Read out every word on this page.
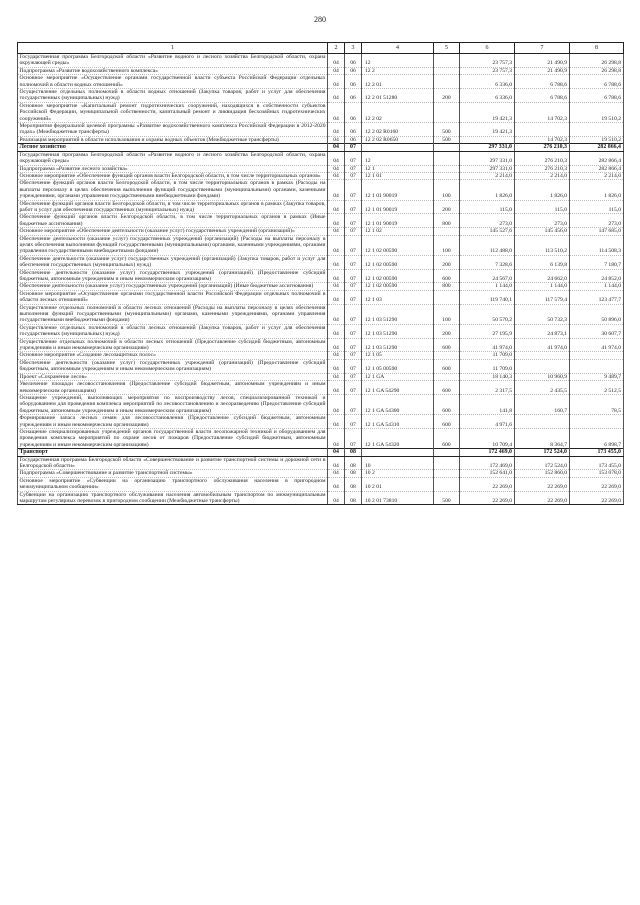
280
1	2	3	4	5	6	7	8
Государственная программа Белгородской области «Развитие водного и лесного хозяйства Белгородской области, охрана окружающей среды»	04	06	12		23 757,3	21 490,9	26 298,8
Подпрограмма «Развитие водохозяйственного комплекса»	04	06	12 2		23 757,3	21 490,9	26 298,8
Основное мероприятие «Осуществление органами государственной власти субъекта Российской Федерации отдельных полномочий в области водных отношений»	04	06	12 2 01		6 336,0	6 788,6	6 788,6
Осуществление отдельных полномочий в области водных отношений (Закупка товаров, работ и услуг для обеспечения государственных (муниципальных) нужд)	04	06	12 2 01 51280	200	6 336,0	6 788,6	6 788,6
Основное мероприятие «Капитальный ремонт гидротехнических сооружений, находящихся в собственности субъектов Российской Федерации, муниципальной собственности, капитальный ремонт и ликвидация бесхозяйных гидротехнических сооружений»	04	06	12 2 02		19 421,3	14 702,3	19 510,2
Мероприятия федеральной целевой программы «Развитие водохозяйственного комплекса Российской Федерации в 2012-2020 годах» (Межбюджетные трансферты)	04	06	12 2 02 R0160	500	19 421,3		
Реализация мероприятий в области использования и охраны водных объектов (Межбюджетные трансферты)	04	06	12 2 02 R0650	500		14 702,3	19 510,2
Лесное хозяйство	04	07			297 331,0	276 210,3	282 866,4
Государственная программа Белгородской области «Развитие водного и лесного хозяйства Белгородской области, охрана окружающей среды»	04	07	12		297 331,0	276 210,3	282 866,4
Подпрограмма «Развитие лесного хозяйства»	04	07	12 1		297 331,0	276 210,3	282 866,4
Основное мероприятие «Обеспечение функций органов власти Белгородской области, в том числе территориальных органов»	04	07	12 1 01		2 214,0	2 214,0	2 214,0
Обеспечение функций органов власти Белгородской области, в том числе территориальных органов в рамках (Расходы на выплаты персоналу в целях обеспечения выполнения функций государственными (муниципальными) органами, казенными учреждениями, органами управления государственными внебюджетными фондами)	04	07	12 1 01 90019	100	1 826,0	1 826,0	1 826,0
Обеспечение функций органов власти Белгородской области, в том числе территориальных органов в рамках (Закупка товаров, работ и услуг для обеспечения государственных (муниципальных) нужд)	04	07	12 1 01 90019	200	115,0	115,0	115,0
Обеспечение функций органов власти Белгородской области, в том числе территориальных органов в рамках (Иные бюджетные ассигнования)	04	07	12 1 01 90019	800	273,0	273,0	273,0
Основное мероприятие «Обеспечение деятельности (оказание услуг) государственных учреждений (организаций)»	04	07	12 1 02		145 527,6	145 456,0	147 685,0
Обеспечение деятельности (оказание услуг) государственных учреждений (организаций) (Расходы на выплаты персоналу в целях обеспечения выполнения функций государственными (муниципальными) органами, казенными учреждениями, органами управления государственными внебюджетными фондами)	04	07	12 1 02 00590	100	112 488,0	113 510,2	114 508,3
Обеспечение деятельности (оказание услуг) государственных учреждений (организаций) (Закупка товаров, работ и услуг для обеспечения государственных (муниципальных) нужд)	04	07	12 1 02 00590	200	7 328,6	6 139,8	7 180,7
Обеспечение деятельности (оказание услуг) государственных учреждений (организаций) (Предоставление субсидий бюджетным, автономным учреждениям и иным некоммерческим организациям)	04	07	12 1 02 00590	600	24 567,0	24 662,0	24 852,0
Обеспечение деятельности (оказание услуг) государственных учреждений (организаций) (Иные бюджетные ассигнования)	04	07	12 1 02 00590	800	1 144,0	1 144,0	1 144,0
Основное мероприятие «Осуществление органами государственной власти Российской Федерации отдельных полномочий в области лесных отношений»	04	07	12 1 03		119 740,1	117 579,4	123 477,7
Осуществление отдельных полномочий в области лесных отношений (Расходы на выплаты персоналу в целях обеспечения выполнения функций государственными (муниципальными) органами, казенными учреждениями, органами управления государственными внебюджетными фондами)	04	07	12 1 03 51290	100	50 570,2	50 732,3	50 896,0
Осуществление отдельных полномочий в области лесных отношений (Закупка товаров, работ и услуг для обеспечения государственных (муниципальных) нужд)	04	07	12 1 03 51290	200	27 195,9	24 873,1	30 607,7
Осуществление отдельных полномочий в области лесных отношений (Предоставление субсидий бюджетным, автономным учреждениям и иным некоммерческим организациям)	04	07	12 1 03 51290	600	41 974,0	41 974,0	41 974,0
Основное мероприятие «Создание лесозащитных полос»	04	07	12 1 05		11 709,0		
Обеспечение деятельности (оказание услуг) государственных учреждений (организаций) (Предоставление субсидий бюджетным, автономным учреждениям и иным некоммерческим организациям)	04	07	12 1 05 00590	600	11 709,0		
Проект «Сохранение лесов»	04	07	12 1 GA		18 140,3	10 960,9	9 489,7
Увеличение площади лесовосстановления (Предоставление субсидий бюджетным, автономным учреждениям и иным некоммерческим организациям)	04	07	12 1 GA 54290	600	2 317,5	2 435,5	2 512,5
Оснащение учреждений, выполняющих мероприятия по воспроизводству лесов, специализированной техникой и оборудованием для проведения комплекса мероприятий по лесовосстановлению и лесоразведению (Предоставление субсидий бюджетным, автономным учреждениям и иным некоммерческим организациям)	04	07	12 1 GA 54300	600	141,8	160,7	78,5
Формирование запаса лесных семян для лесовосстановления (Предоставление субсидий бюджетным, автономным учреждениям и иным некоммерческим организациям)	04	07	12 1 GA 54310	600	4 971,6		
Оснащение специализированных учреждений органов государственной власти лесопожарной техникой и оборудованием для проведения комплекса мероприятий по охране лесов от пожаров (Предоставление субсидий бюджетным, автономным учреждениям и иным некоммерческим организациям)	04	07	12 1 GA 54320	600	10 709,4	8 364,7	6 898,7
Транспорт	04	08			172 469,0	172 524,0	173 455,0
Государственная программа Белгородской области «Совершенствование и развитие транспортной системы и дорожной сети в Белгородской области»	04	08	10		172 469,0	172 524,0	173 455,0
Подпрограмма «Совершенствование и развитие транспортной системы»	04	08	10 2		152 641,0	152 860,0	153 078,0
Основное мероприятие «Субвенции на организацию транспортного обслуживания населения в пригородном межмуниципальном сообщении»	04	08	10 2 01		22 269,0	22 269,0	22 269,0
Субвенции на организацию транспортного обслуживания населения автомобильным транспортом по межмуниципальным маршрутам регулярных перевозок в пригородном сообщении (Межбюджетные трансферты)	04	08	10 2 01 73810	500	22 269,0	22 269,0	22 269,0
